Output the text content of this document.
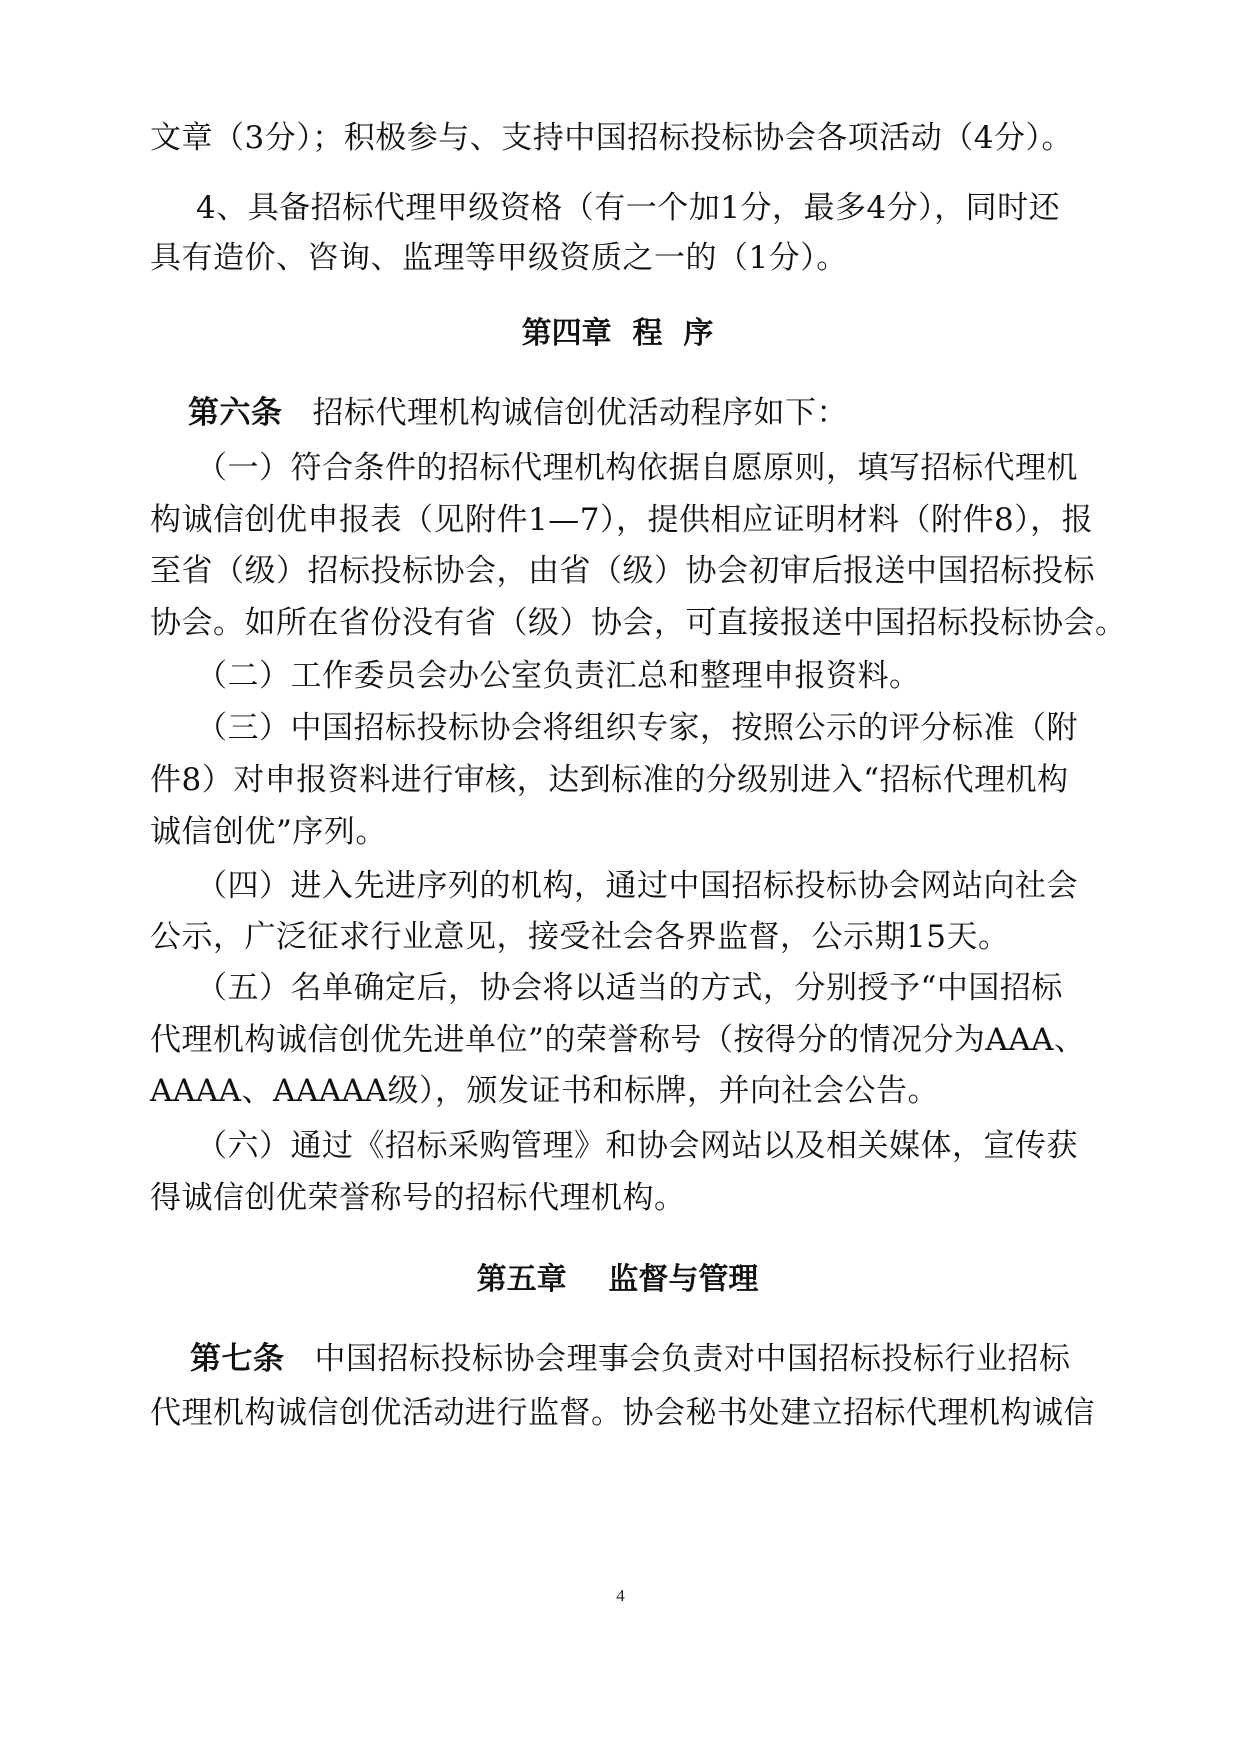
文章（3分）；积极参与、支持中国招标投标协会各项活动（4分）。
4、具备招标代理甲级资格（有一个加1分，最多4分），同时还
具有造价、咨询、监理等甲级资质之一的（1分）。
第四章  程  序
第六条 招标代理机构诚信创优活动程序如下：
（一）符合条件的招标代理机构依据自愿原则，填写招标代理机
构诚信创优申报表（见附件1—7），提供相应证明材料（附件8），报
至省（级）招标投标协会，由省（级）协会初审后报送中国招标投标
协会。如所在省份没有省（级）协会，可直接报送中国招标投标协会。
（二）工作委员会办公室负责汇总和整理申报资料。
（三）中国招标投标协会将组织专家，按照公示的评分标准（附
件8）对申报资料进行审核，达到标准的分级别进入“招标代理机构
诚信创优”序列。
（四）进入先进序列的机构，通过中国招标投标协会网站向社会
公示，广泛征求行业意见，接受社会各界监督，公示期15天。
（五）名单确定后，协会将以适当的方式，分别授予“中国招标
代理机构诚信创优先进单位”的荣誉称号（按得分的情况分为AAA、
AAAA、AAAAA级），颁发证书和标牌，并向社会公告。
（六）通过《招标采购管理》和协会网站以及相关媒体，宣传获
得诚信创优荣誉称号的招标代理机构。
第五章    监督与管理
第七条 中国招标投标协会理事会负责对中国招标投标行业招标
代理机构诚信创优活动进行监督。协会秘书处建立招标代理机构诚信
4
